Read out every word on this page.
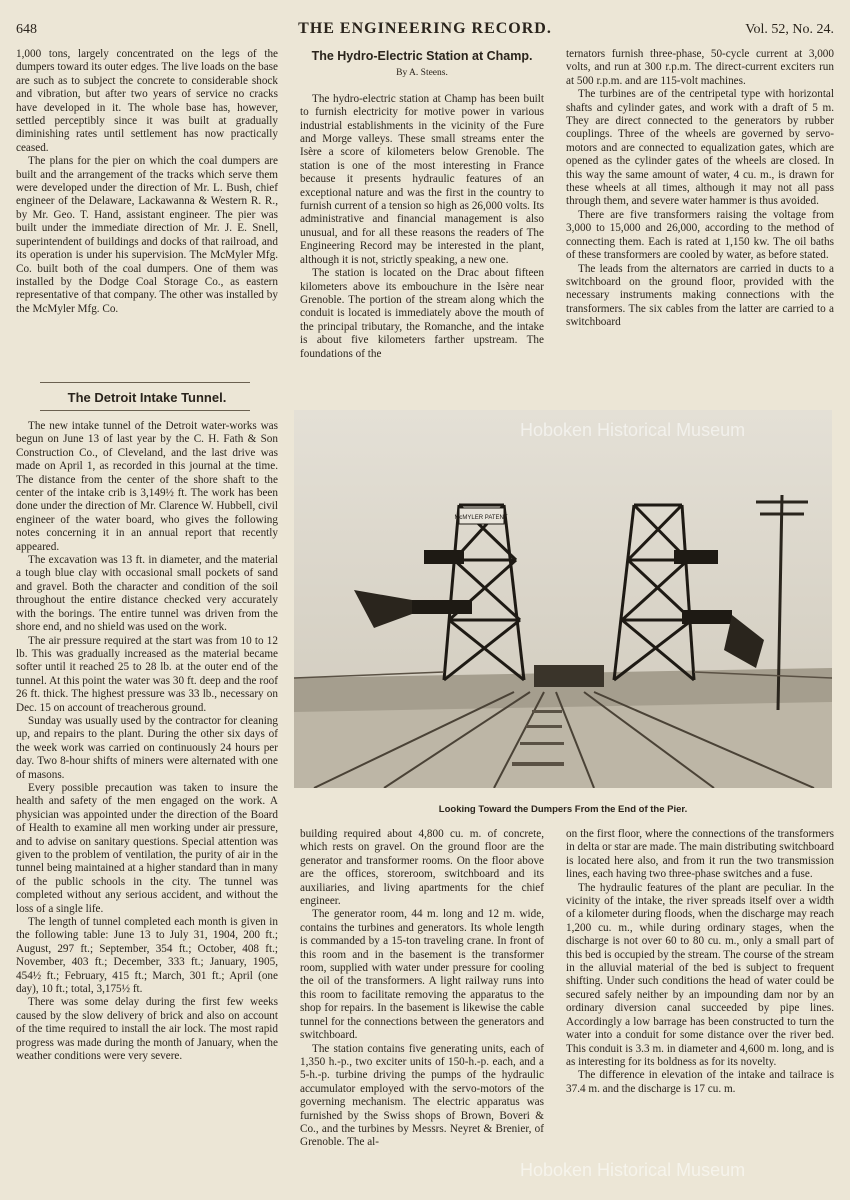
648	THE ENGINEERING RECORD.	Vol. 52, No. 24.

1,000 tons, largely concentrated on the legs of the dumpers toward its outer edges. The live loads on the base are such as to subject the concrete to considerable shock and vibration, but after two years of service no cracks have developed in it. The whole base has, however, settled perceptibly since it was built at gradually diminishing rates until settlement has now practically ceased.

The plans for the pier on which the coal dumpers are built and the arrangement of the tracks which serve them were developed under the direction of Mr. L. Bush, chief engineer of the Delaware, Lackawanna & Western R. R., by Mr. Geo. T. Hand, assistant engineer. The pier was built under the immediate direction of Mr. J. E. Snell, superintendent of buildings and docks of that railroad, and its operation is under his supervision. The McMyler Mfg. Co. built both of the coal dumpers. One of them was installed by the Dodge Coal Storage Co., as eastern representative of that company. The other was installed by the McMyler Mfg. Co.

The Detroit Intake Tunnel.

The new intake tunnel of the Detroit water-works was begun on June 13 of last year by the C. H. Fath & Son Construction Co., of Cleveland, and the last drive was made on April 1, as recorded in this journal at the time. The distance from the center of the shore shaft to the center of the intake crib is 3,149½ ft. The work has been done under the direction of Mr. Clarence W. Hubbell, civil engineer of the water board, who gives the following notes concerning it in an annual report that recently appeared.

The excavation was 13 ft. in diameter, and the material a tough blue clay with occasional small pockets of sand and gravel. Both the character and condition of the soil throughout the entire distance checked very accurately with the borings. The entire tunnel was driven from the shore end, and no shield was used on the work.

The air pressure required at the start was from 10 to 12 lb. This was gradually increased as the material became softer until it reached 25 to 28 lb. at the outer end of the tunnel. At this point the water was 30 ft. deep and the roof 26 ft. thick. The highest pressure was 33 lb., necessary on Dec. 15 on account of treacherous ground.

Sunday was usually used by the contractor for cleaning up, and repairs to the plant. During the other six days of the week work was carried on continuously 24 hours per day. Two 8-hour shifts of miners were alternated with one of masons.

Every possible precaution was taken to insure the health and safety of the men engaged on the work. A physician was appointed under the direction of the Board of Health to examine all men working under air pressure, and to advise on sanitary questions. Special attention was given to the problem of ventilation, the purity of air in the tunnel being maintained at a higher standard than in many of the public schools in the city. The tunnel was completed without any serious accident, and without the loss of a single life.

The length of tunnel completed each month is given in the following table: June 13 to July 31, 1904, 200 ft.; August, 297 ft.; September, 354 ft.; October, 408 ft.; November, 403 ft.; December, 333 ft.; January, 1905, 454½ ft.; February, 415 ft.; March, 301 ft.; April (one day), 10 ft.; total, 3,175½ ft.

There was some delay during the first few weeks caused by the slow delivery of brick and also on account of the time required to install the air lock. The most rapid progress was made during the month of January, when the weather conditions were very severe.

The Hydro-Electric Station at Champ.
By A. Steens.

The hydro-electric station at Champ has been built to furnish electricity for motive power in various industrial establishments in the vicinity of the Fure and Morge valleys. These small streams enter the Isère a score of kilometers below Grenoble. The station is one of the most interesting in France because it presents hydraulic features of an exceptional nature and was the first in the country to furnish current of a tension so high as 26,000 volts. Its administrative and financial management is also unusual, and for all these reasons the readers of The Engineering Record may be interested in the plant, although it is not, strictly speaking, a new one.

The station is located on the Drac about fifteen kilometers above its embouchure in the Isère near Grenoble. The portion of the stream along which the conduit is located is immediately above the mouth of the principal tributary, the Romanche, and the intake is about five kilometers farther upstream. The foundations of the

ternators furnish three-phase, 50-cycle current at 3,000 volts, and run at 300 r.p.m. The direct-current exciters run at 500 r.p.m. and are 115-volt machines.

The turbines are of the centripetal type with horizontal shafts and cylinder gates, and work with a draft of 5 m. They are direct connected to the generators by rubber couplings. Three of the wheels are governed by servo-motors and are connected to equalization gates, which are opened as the cylinder gates of the wheels are closed. In this way the same amount of water, 4 cu. m., is drawn for these wheels at all times, although it may not all pass through them, and severe water hammer is thus avoided.

There are five transformers raising the voltage from 3,000 to 15,000 and 26,000, according to the method of connecting them. Each is rated at 1,150 kw. The oil baths of these transformers are cooled by water, as before stated.

The leads from the alternators are carried in ducts to a switchboard on the ground floor, provided with the necessary instruments making connections with the transformers. The six cables from the latter are carried to a switchboard

McMYLER PATENT
Hoboken Historical Museum
Looking Toward the Dumpers From the End of the Pier.

building required about 4,800 cu. m. of concrete, which rests on gravel. On the ground floor are the generator and transformer rooms. On the floor above are the offices, storeroom, switchboard and its auxiliaries, and living apartments for the chief engineer.

The generator room, 44 m. long and 12 m. wide, contains the turbines and generators. Its whole length is commanded by a 15-ton traveling crane. In front of this room and in the basement is the transformer room, supplied with water under pressure for cooling the oil of the transformers. A light railway runs into this room to facilitate removing the apparatus to the shop for repairs. In the basement is likewise the cable tunnel for the connections between the generators and switchboard.

The station contains five generating units, each of 1,350 h.-p., two exciter units of 150-h.-p. each, and a 5-h.-p. turbine driving the pumps of the hydraulic accumulator employed with the servo-motors of the governing mechanism. The electric apparatus was furnished by the Swiss shops of Brown, Boveri & Co., and the turbines by Messrs. Neyret & Brenier, of Grenoble. The al-

on the first floor, where the connections of the transformers in delta or star are made. The main distributing switchboard is located here also, and from it run the two transmission lines, each having two three-phase switches and a fuse.

The hydraulic features of the plant are peculiar. In the vicinity of the intake, the river spreads itself over a width of a kilometer during floods, when the discharge may reach 1,200 cu. m., while during ordinary stages, when the discharge is not over 60 to 80 cu. m., only a small part of this bed is occupied by the stream. The course of the stream in the alluvial material of the bed is subject to frequent shifting. Under such conditions the head of water could be secured safely neither by an impounding dam nor by an ordinary diversion canal succeeded by pipe lines. Accordingly a low barrage has been constructed to turn the water into a conduit for some distance over the river bed. This conduit is 3.3 m. in diameter and 4,600 m. long, and is as interesting for its boldness as for its novelty.

The difference in elevation of the intake and tailrace is 37.4 m. and the discharge is 17 cu. m.

Hoboken Historical Museum
